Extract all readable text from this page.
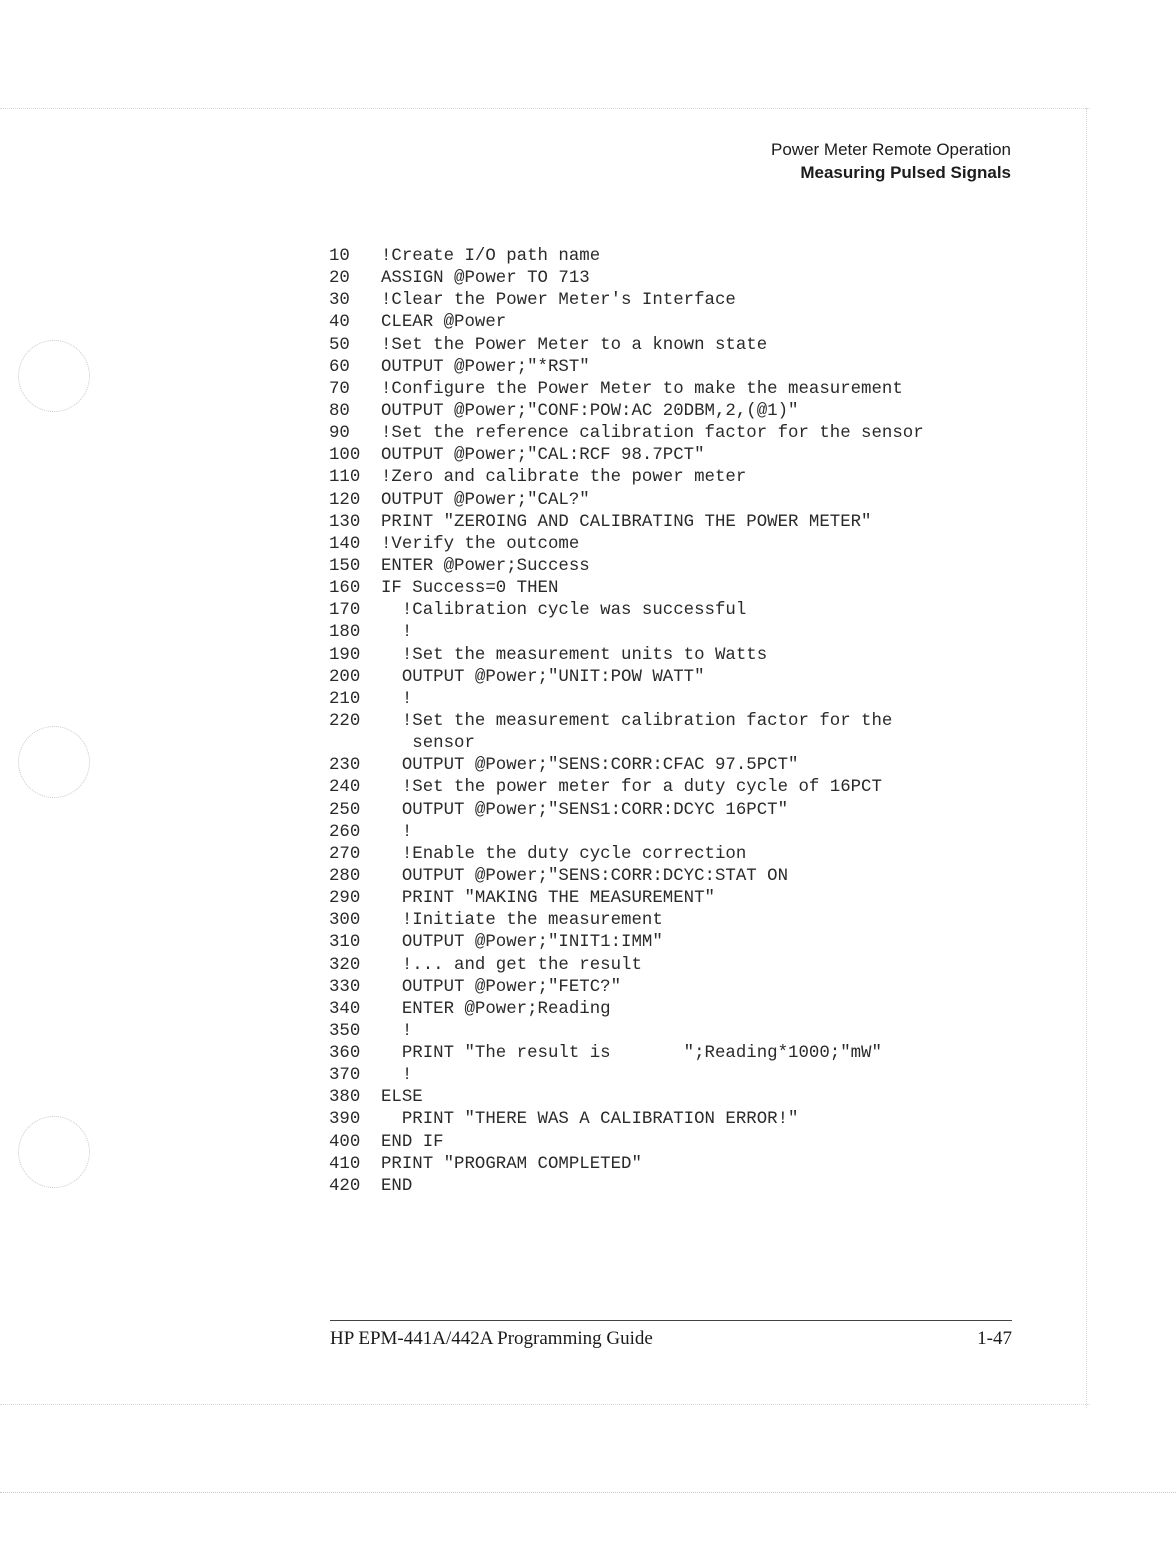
Power Meter Remote Operation
Measuring Pulsed Signals
10 !Create I/O path name
20 ASSIGN @Power TO 713
30 !Clear the Power Meter's Interface
40 CLEAR @Power
50 !Set the Power Meter to a known state
60 OUTPUT @Power;"*RST"
70 !Configure the Power Meter to make the measurement
80 OUTPUT @Power;"CONF:POW:AC 20DBM,2,(@1)"
90 !Set the reference calibration factor for the sensor
100 OUTPUT @Power;"CAL:RCF 98.7PCT"
110 !Zero and calibrate the power meter
120 OUTPUT @Power;"CAL?"
130 PRINT "ZEROING AND CALIBRATING THE POWER METER"
140 !Verify the outcome
150 ENTER @Power;Success
160 IF Success=0 THEN
170  !Calibration cycle was successful
180  !
190  !Set the measurement units to Watts
200  OUTPUT @Power;"UNIT:POW WATT"
210  !
220  !Set the measurement calibration factor for the
sensor
230  OUTPUT @Power;"SENS:CORR:CFAC 97.5PCT"
240  !Set the power meter for a duty cycle of 16PCT
250  OUTPUT @Power;"SENS1:CORR:DCYC 16PCT"
260  !
270  !Enable the duty cycle correction
280  OUTPUT @Power;"SENS:CORR:DCYC:STAT ON
290  PRINT "MAKING THE MEASUREMENT"
300  !Initiate the measurement
310  OUTPUT @Power;"INIT1:IMM"
320  !... and get the result
330  OUTPUT @Power;"FETC?"
340  ENTER @Power;Reading
350  !
360  PRINT "The result is       ";Reading*1000;"mW"
370  !
380 ELSE
390  PRINT "THERE WAS A CALIBRATION ERROR!"
400 END IF
410 PRINT "PROGRAM COMPLETED"
420 END
HP EPM-441A/442A Programming Guide	1-47
